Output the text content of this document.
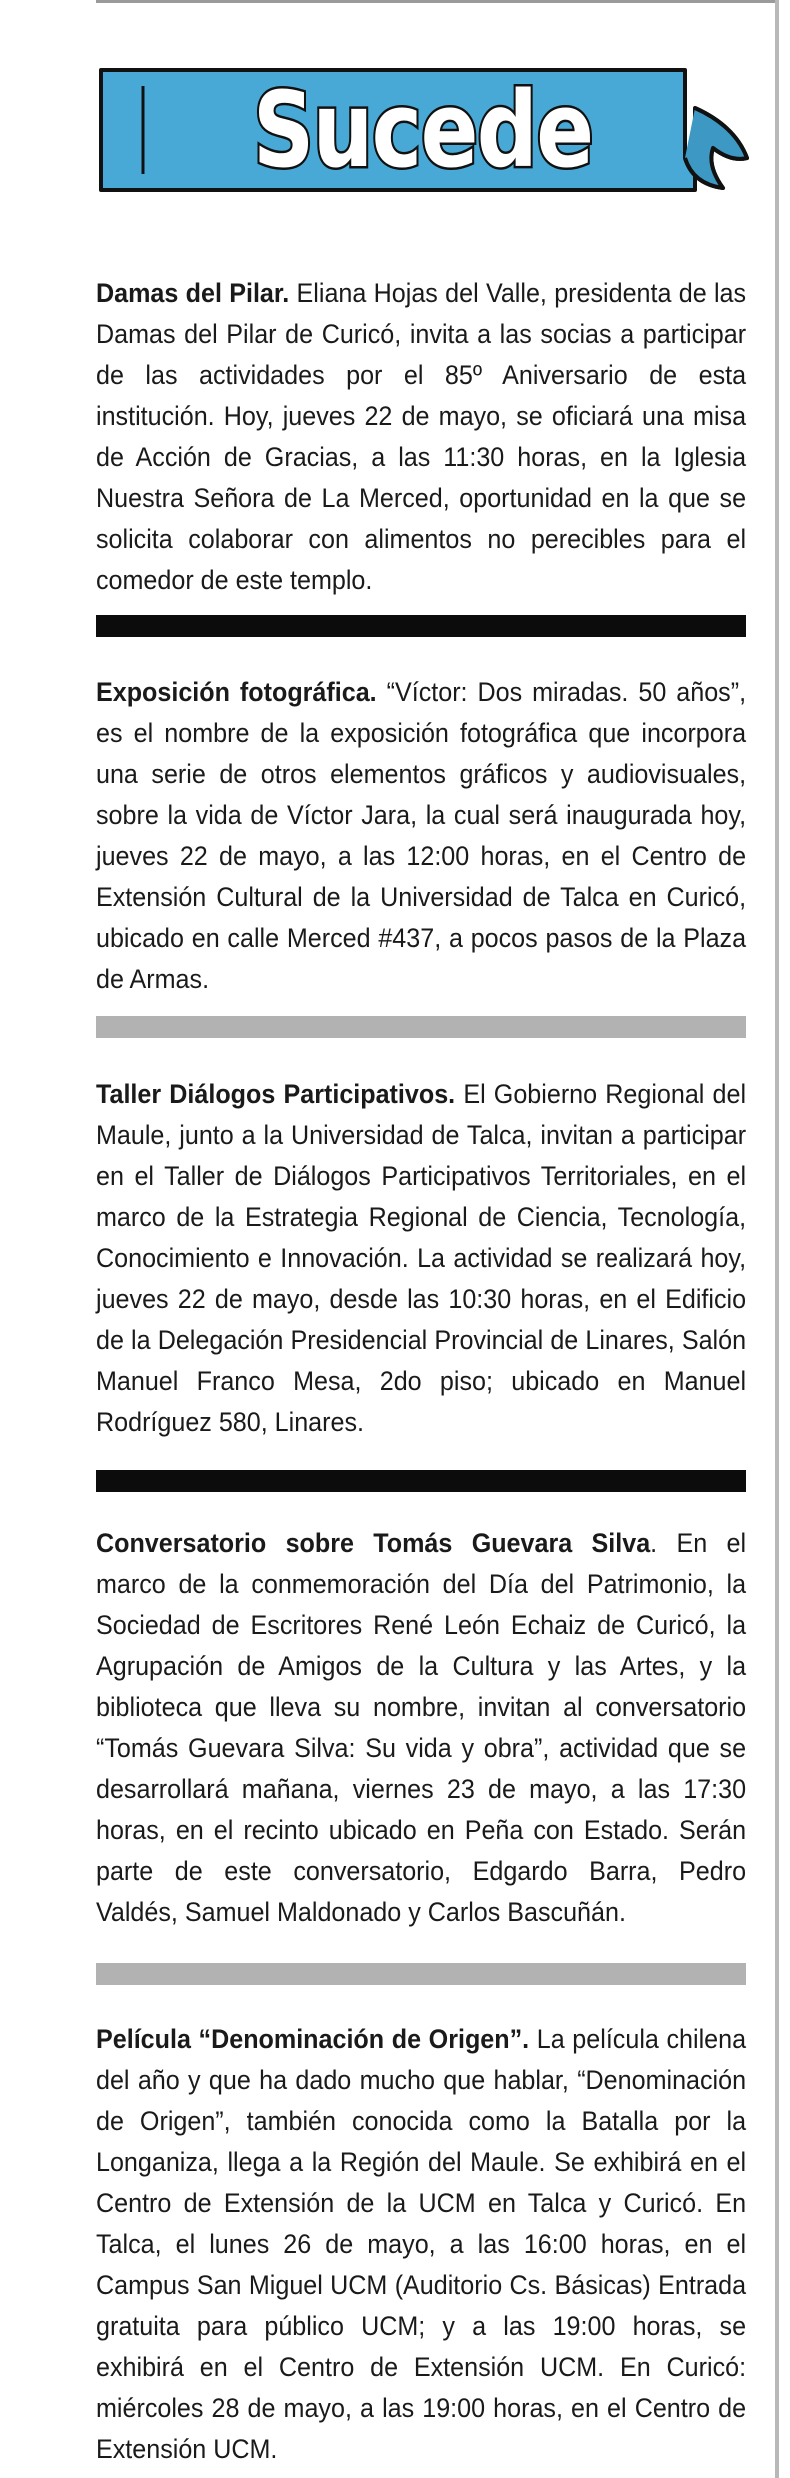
Sucede

Damas del Pilar. Eliana Hojas del Valle, presidenta de las Damas del Pilar de Curicó, invita a las socias a participar de las actividades por el 85º Aniversario de esta institución. Hoy, jueves 22 de mayo, se oficiará una misa de Acción de Gracias, a las 11:30 horas, en la Iglesia Nuestra Señora de La Merced, oportunidad en la que se solicita colaborar con alimentos no perecibles para el comedor de este templo.

Exposición fotográfica. “Víctor: Dos miradas. 50 años”, es el nombre de la exposición fotográfica que incorpora una serie de otros elementos gráficos y audiovisuales, sobre la vida de Víctor Jara, la cual será inaugurada hoy, jueves 22 de mayo, a las 12:00 horas, en el Centro de Extensión Cultural de la Universidad de Talca en Curicó, ubicado en calle Merced #437, a pocos pasos de la Plaza de Armas.

Taller Diálogos Participativos. El Gobierno Regional del Maule, junto a la Universidad de Talca, invitan a participar en el Taller de Diálogos Participativos Territoriales, en el marco de la Estrategia Regional de Ciencia, Tecnología, Conocimiento e Innovación. La actividad se realizará hoy, jueves 22 de mayo, desde las 10:30 horas, en el Edificio de la Delegación Presidencial Provincial de Linares, Salón Manuel Franco Mesa, 2do piso; ubicado en Manuel Rodríguez 580, Linares.

Conversatorio sobre Tomás Guevara Silva. En el marco de la conmemoración del Día del Patrimonio, la Sociedad de Escritores René León Echaiz de Curicó, la Agrupación de Amigos de la Cultura y las Artes, y la biblioteca que lleva su nombre, invitan al conversatorio “Tomás Guevara Silva: Su vida y obra”, actividad que se desarrollará mañana, viernes 23 de mayo, a las 17:30 horas, en el recinto ubicado en Peña con Estado. Serán parte de este conversatorio, Edgardo Barra, Pedro Valdés, Samuel Maldonado y Carlos Bascuñán.

Película “Denominación de Origen”. La película chilena del año y que ha dado mucho que hablar, “Denominación de Origen”, también conocida como la Batalla por la Longaniza, llega a la Región del Maule. Se exhibirá en el Centro de Extensión de la UCM en Talca y Curicó. En Talca, el lunes 26 de mayo, a las 16:00 horas, en el Campus San Miguel UCM (Auditorio Cs. Básicas) Entrada gratuita para público UCM; y a las 19:00 horas, se exhibirá en el Centro de Extensión UCM. En Curicó: miércoles 28 de mayo, a las 19:00 horas, en el Centro de Extensión UCM.
